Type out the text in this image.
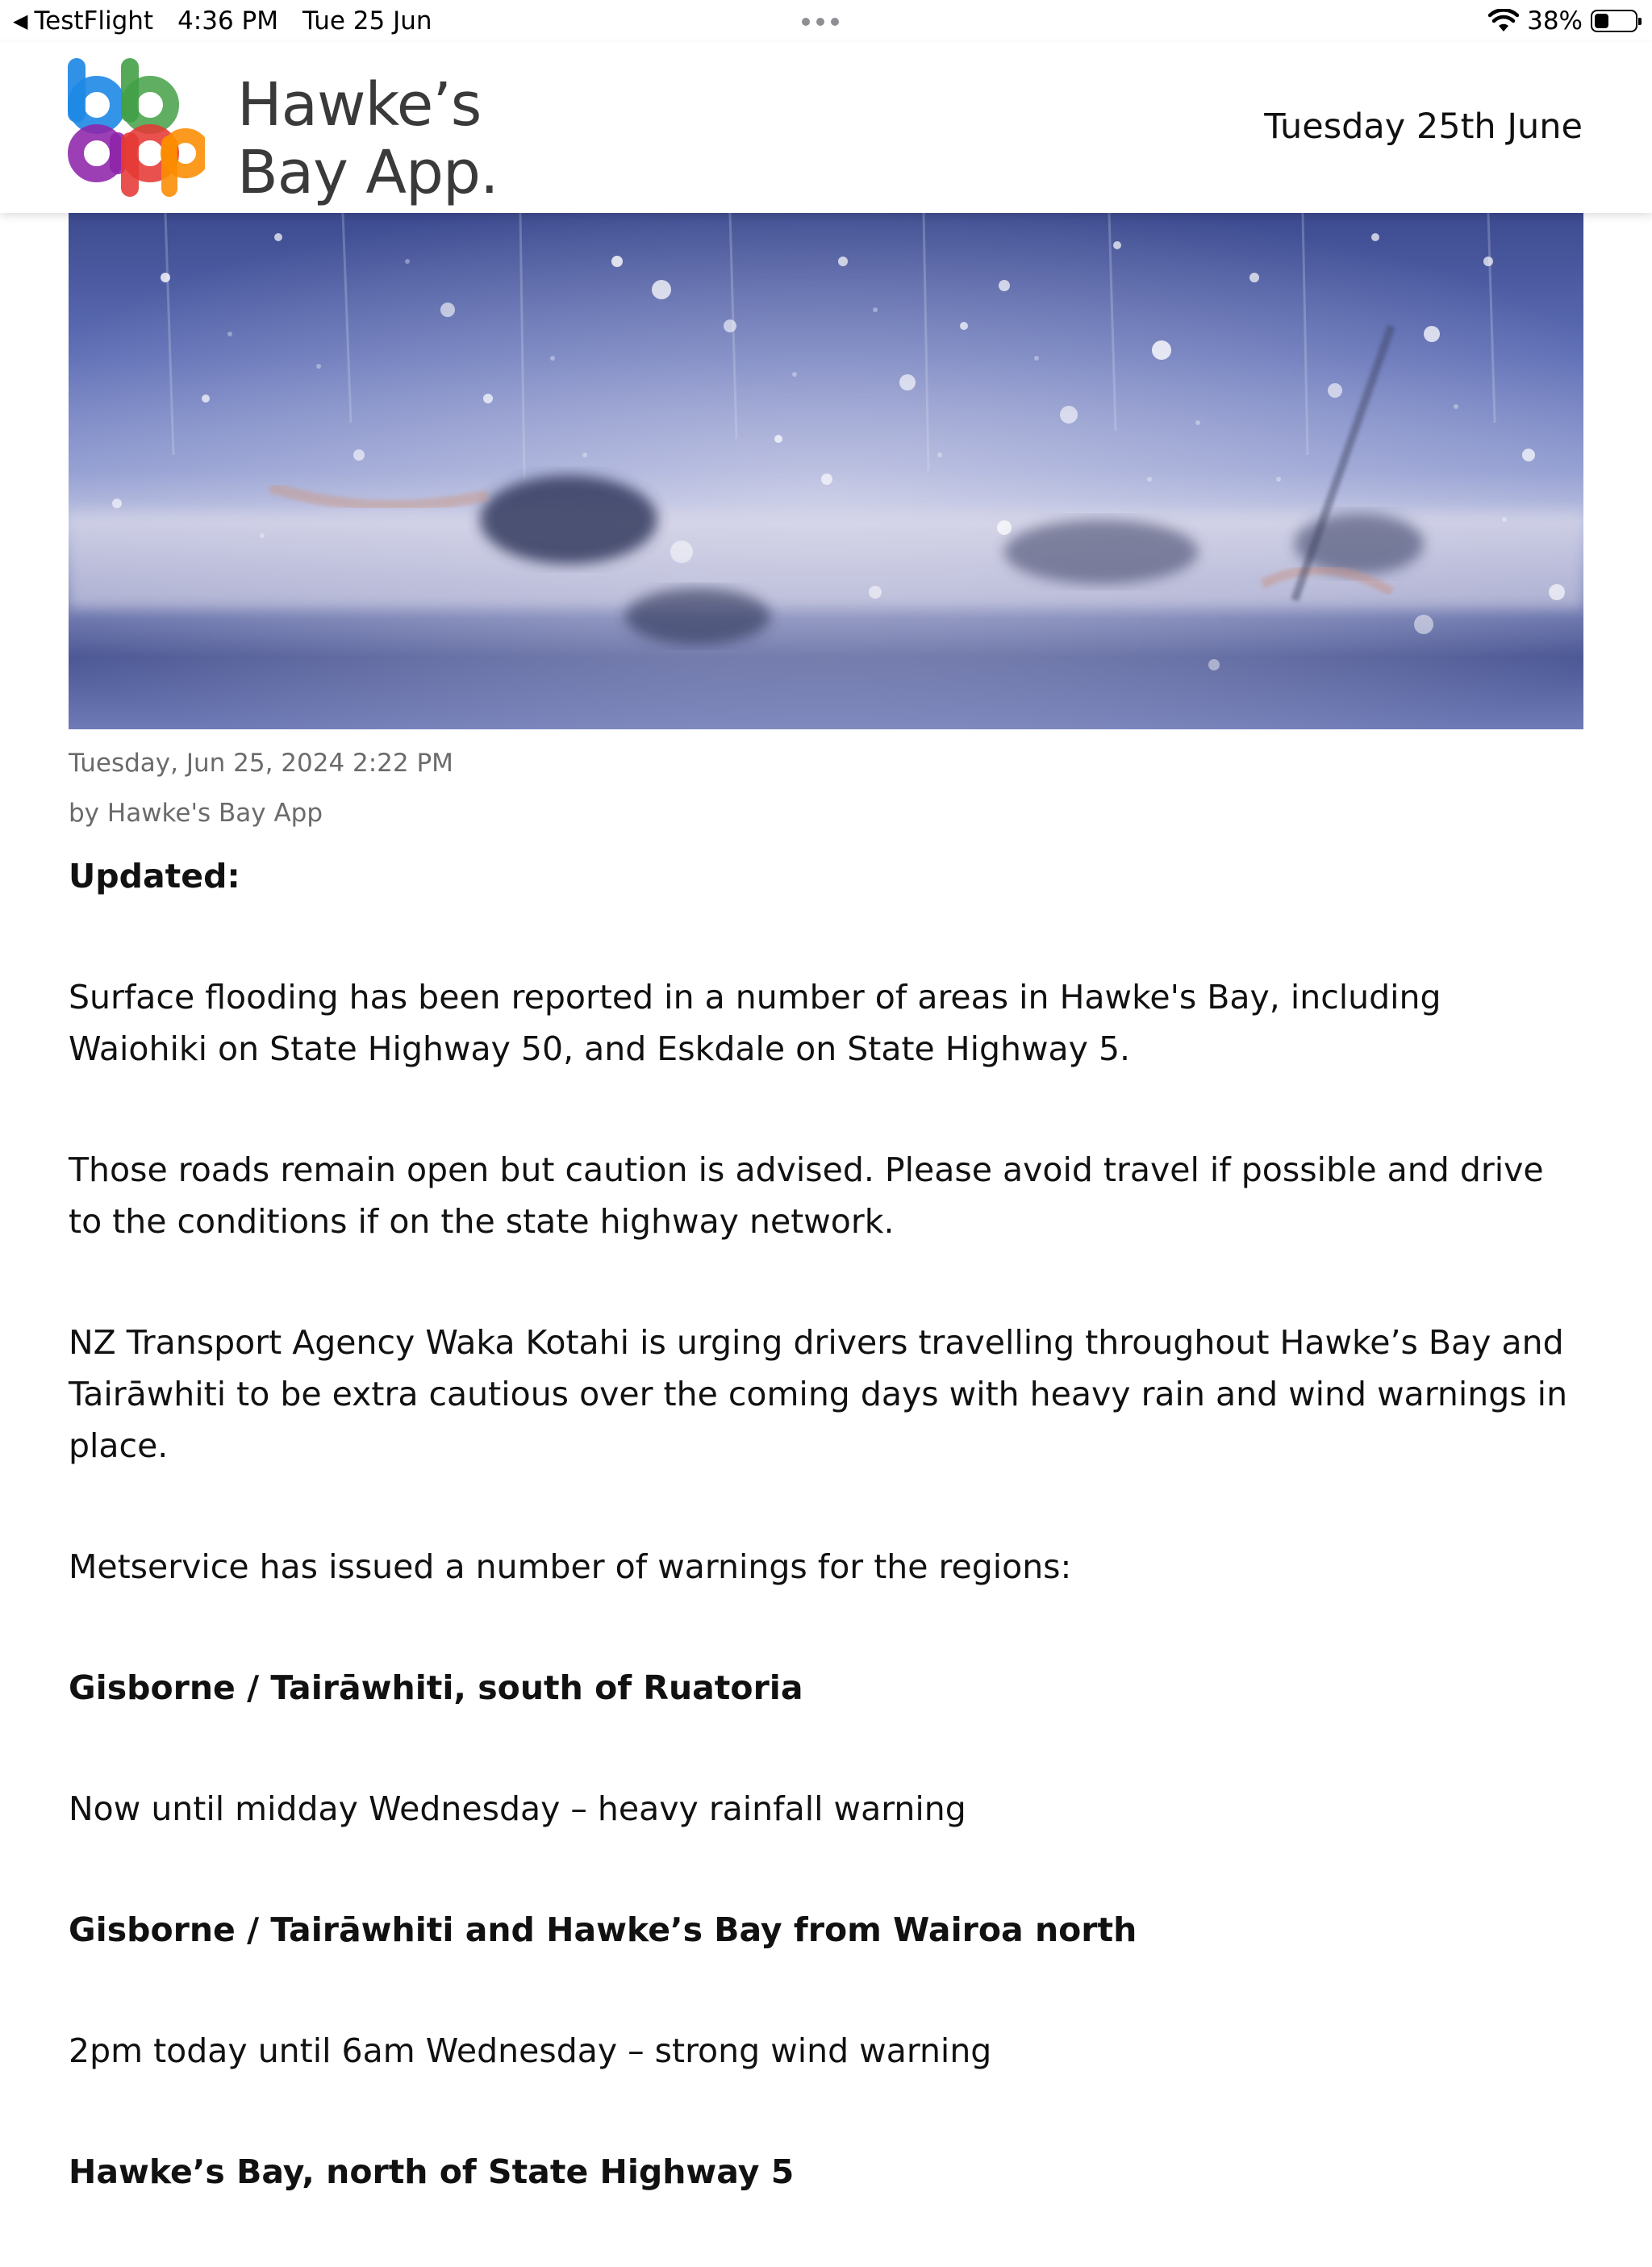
◀ TestFlight 4:36 PM Tue 25 Jun	38%
Hawke’s
Bay App.
Tuesday 25th June
Tuesday, Jun 25, 2024 2:22 PM
by Hawke's Bay App

Updated:

Surface flooding has been reported in a number of areas in Hawke's Bay, including Waiohiki on State Highway 50, and Eskdale on State Highway 5.

Those roads remain open but caution is advised. Please avoid travel if possible and drive to the conditions if on the state highway network.

NZ Transport Agency Waka Kotahi is urging drivers travelling throughout Hawke’s Bay and Tairāwhiti to be extra cautious over the coming days with heavy rain and wind warnings in place.

Metservice has issued a number of warnings for the regions:

Gisborne / Tairāwhiti, south of Ruatoria

Now until midday Wednesday – heavy rainfall warning

Gisborne / Tairāwhiti and Hawke’s Bay from Wairoa north

2pm today until 6am Wednesday – strong wind warning

Hawke’s Bay, north of State Highway 5
